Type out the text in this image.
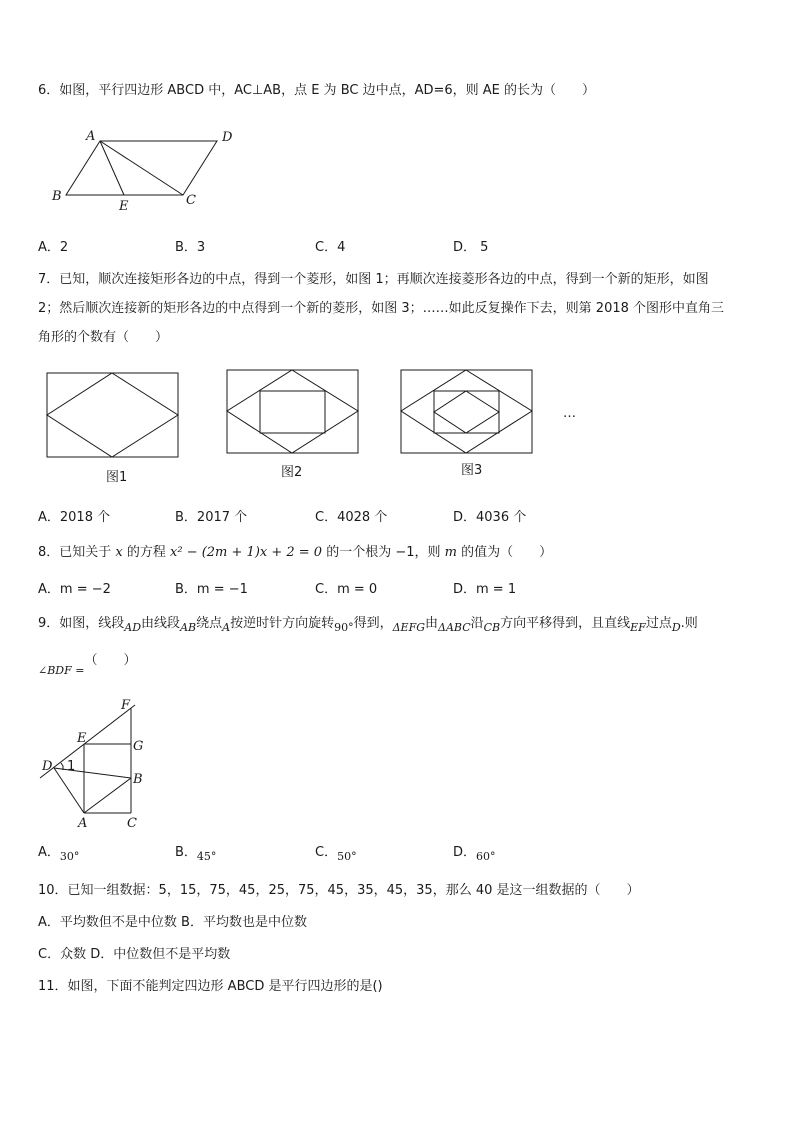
6．如图，平行四边形 ABCD 中，AC⊥AB，点 E 为 BC 边中点，AD=6，则 AE 的长为（　　）
A	D
B
E	C
A．2	B．3	C．4	D． 5
7．已知，顺次连接矩形各边的中点，得到一个菱形，如图 1；再顺次连接菱形各边的中点，得到一个新的矩形，如图
2；然后顺次连接新的矩形各边的中点得到一个新的菱形，如图 3；……如此反复操作下去，则第 2018 个图形中直角三
角形的个数有（　　）
图1	图2	图3
…
A．2018 个	B．2017 个	C．4028 个	D．4036 个
8．已知关于 x 的方程 x² − (2m + 1)x + 2 = 0 的一个根为 −1，则 m 的值为（　　）
A．m = −2	B．m = −1	C．m = 0	D．m = 1
9．如图，线段$_{AD}$由线段$_{AB}$绕点$_A$按逆时针方向旋转$_{90^\circ}$得到，$_{\Delta EFG}$由$_{\Delta ABC}$沿$_{CB}$方向平移得到，且直线$_{EF}$过点$_D$.则
$_{\angle BDF =}$（　　）
F
E
G
D 1
B
A	C
A．$_{30^\circ}$	B．$_{45^\circ}$	C．$_{50^\circ}$	D．$_{60^\circ}$
10．已知一组数据：5，15，75，45，25，75，45，35，45，35，那么 40 是这一组数据的（　　）
A．平均数但不是中位数 B．平均数也是中位数
C．众数 D．中位数但不是平均数
11．如图，下面不能判定四边形 ABCD 是平行四边形的是()
